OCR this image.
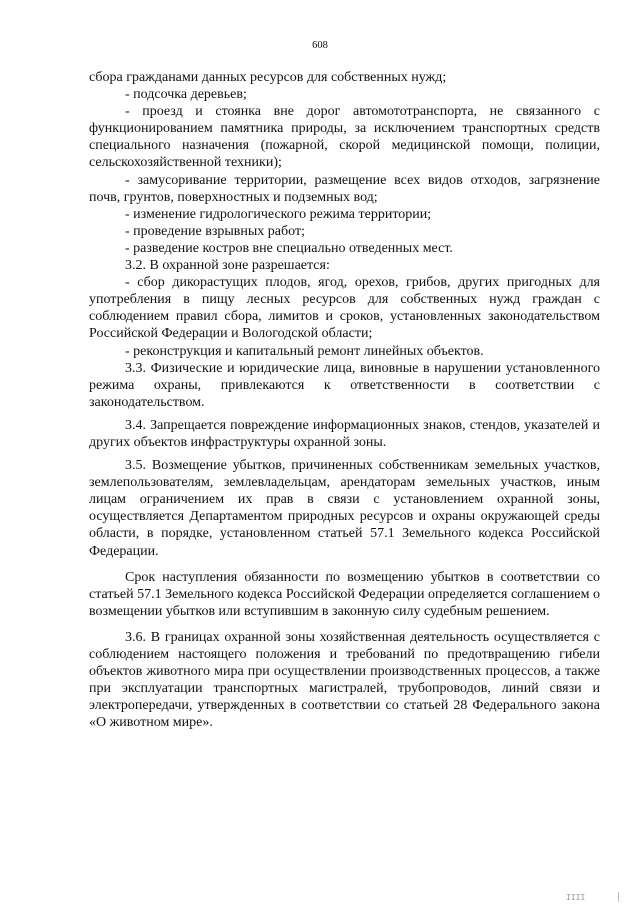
608

сбора гражданами данных ресурсов для собственных нужд;

- подсочка деревьев;

- проезд и стоянка вне дорог автомототранспорта, не связанного с функционированием памятника природы, за исключением транспортных средств специального назначения (пожарной, скорой медицинской помощи, полиции, сельскохозяйственной техники);

- замусоривание территории, размещение всех видов отходов, загрязнение почв, грунтов, поверхностных и подземных вод;

- изменение гидрологического режима территории;

- проведение взрывных работ;

- разведение костров вне специально отведенных мест.

3.2. В охранной зоне разрешается:

- сбор дикорастущих плодов, ягод, орехов, грибов, других пригодных для употребления в пищу лесных ресурсов для собственных нужд граждан с соблюдением правил сбора, лимитов и сроков, установленных законодательством Российской Федерации и Вологодской области;

- реконструкция и капитальный ремонт линейных объектов.

3.3. Физические и юридические лица, виновные в нарушении установленного режима охраны, привлекаются к ответственности в соответствии с законодательством.

3.4. Запрещается повреждение информационных знаков, стендов, указателей и других объектов инфраструктуры охранной зоны.

3.5. Возмещение убытков, причиненных собственникам земельных участков, землепользователям, землевладельцам, арендаторам земельных участков, иным лицам ограничением их прав в связи с установлением охранной зоны, осуществляется Департаментом природных ресурсов и охраны окружающей среды области, в порядке, установленном статьей 57.1 Земельного кодекса Российской Федерации.

Срок наступления обязанности по возмещению убытков в соответствии со статьей 57.1 Земельного кодекса Российской Федерации определяется соглашением о возмещении убытков или вступившим в законную силу судебным решением.

3.6. В границах охранной зоны хозяйственная деятельность осуществляется с соблюдением настоящего положения и требований по предотвращению гибели объектов животного мира при осуществлении производственных процессов, а также при эксплуатации транспортных магистралей, трубопроводов, линий связи и электропередачи, утвержденных в соответствии со статьей 28 Федерального закона «О животном мире».

IIII
